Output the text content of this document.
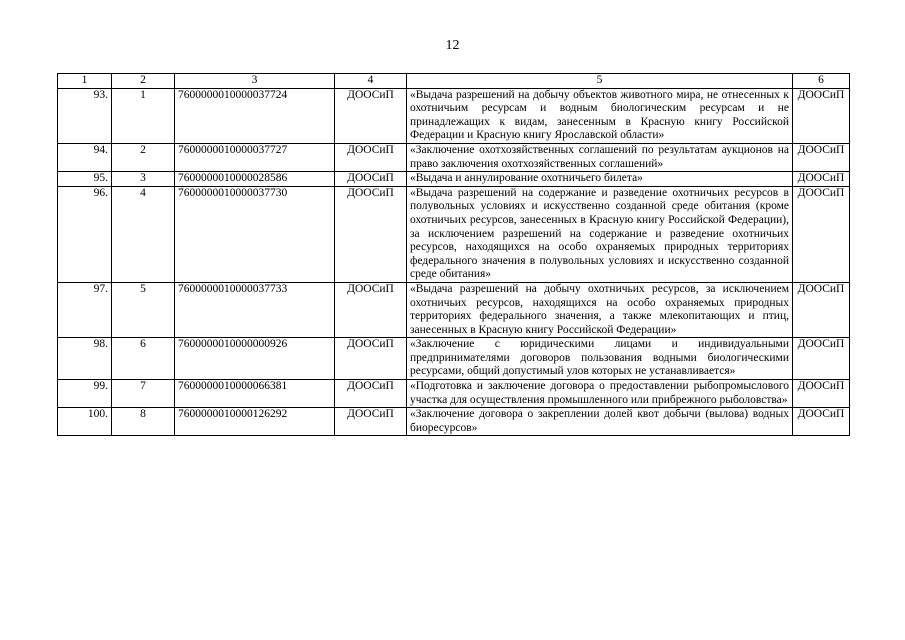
12
1	2	3	4	5	6
93.	1	7600000010000037724	ДООСиП	«Выдача разрешений на добычу объектов животного мира, не отнесенных к охотничьим ресурсам и водным биологическим ресурсам и не принадлежащих к видам, занесенным в Красную книгу Российской Федерации и Красную книгу Ярославской области»	ДООСиП
94.	2	7600000010000037727	ДООСиП	«Заключение охотхозяйственных соглашений по результатам аукционов на право заключения охотхозяйственных соглашений»	ДООСиП
95.	3	7600000010000028586	ДООСиП	«Выдача и аннулирование охотничьего билета»	ДООСиП
96.	4	7600000010000037730	ДООСиП	«Выдача разрешений на содержание и разведение охотничьих ресурсов в полувольных условиях и искусственно созданной среде обитания (кроме охотничьих ресурсов, занесенных в Красную книгу Российской Федерации), за исключением разрешений на содержание и разведение охотничьих ресурсов, находящихся на особо охраняемых природных территориях федерального значения в полувольных условиях и искусственно созданной среде обитания»	ДООСиП
97.	5	7600000010000037733	ДООСиП	«Выдача разрешений на добычу охотничьих ресурсов, за исключением охотничьих ресурсов, находящихся на особо охраняемых природных территориях федерального значения, а также млекопитающих и птиц, занесенных в Красную книгу Российской Федерации»	ДООСиП
98.	6	7600000010000000926	ДООСиП	«Заключение с юридическими лицами и индивидуальными предпринимателями договоров пользования водными биологическими ресурсами, общий допустимый улов которых не устанавливается»	ДООСиП
99.	7	7600000010000066381	ДООСиП	«Подготовка и заключение договора о предоставлении рыбопромыслового участка для осуществления промышленного или прибрежного рыболовства»	ДООСиП
100.	8	7600000010000126292	ДООСиП	«Заключение договора о закреплении долей квот добычи (вылова) водных биоресурсов»	ДООСиП
